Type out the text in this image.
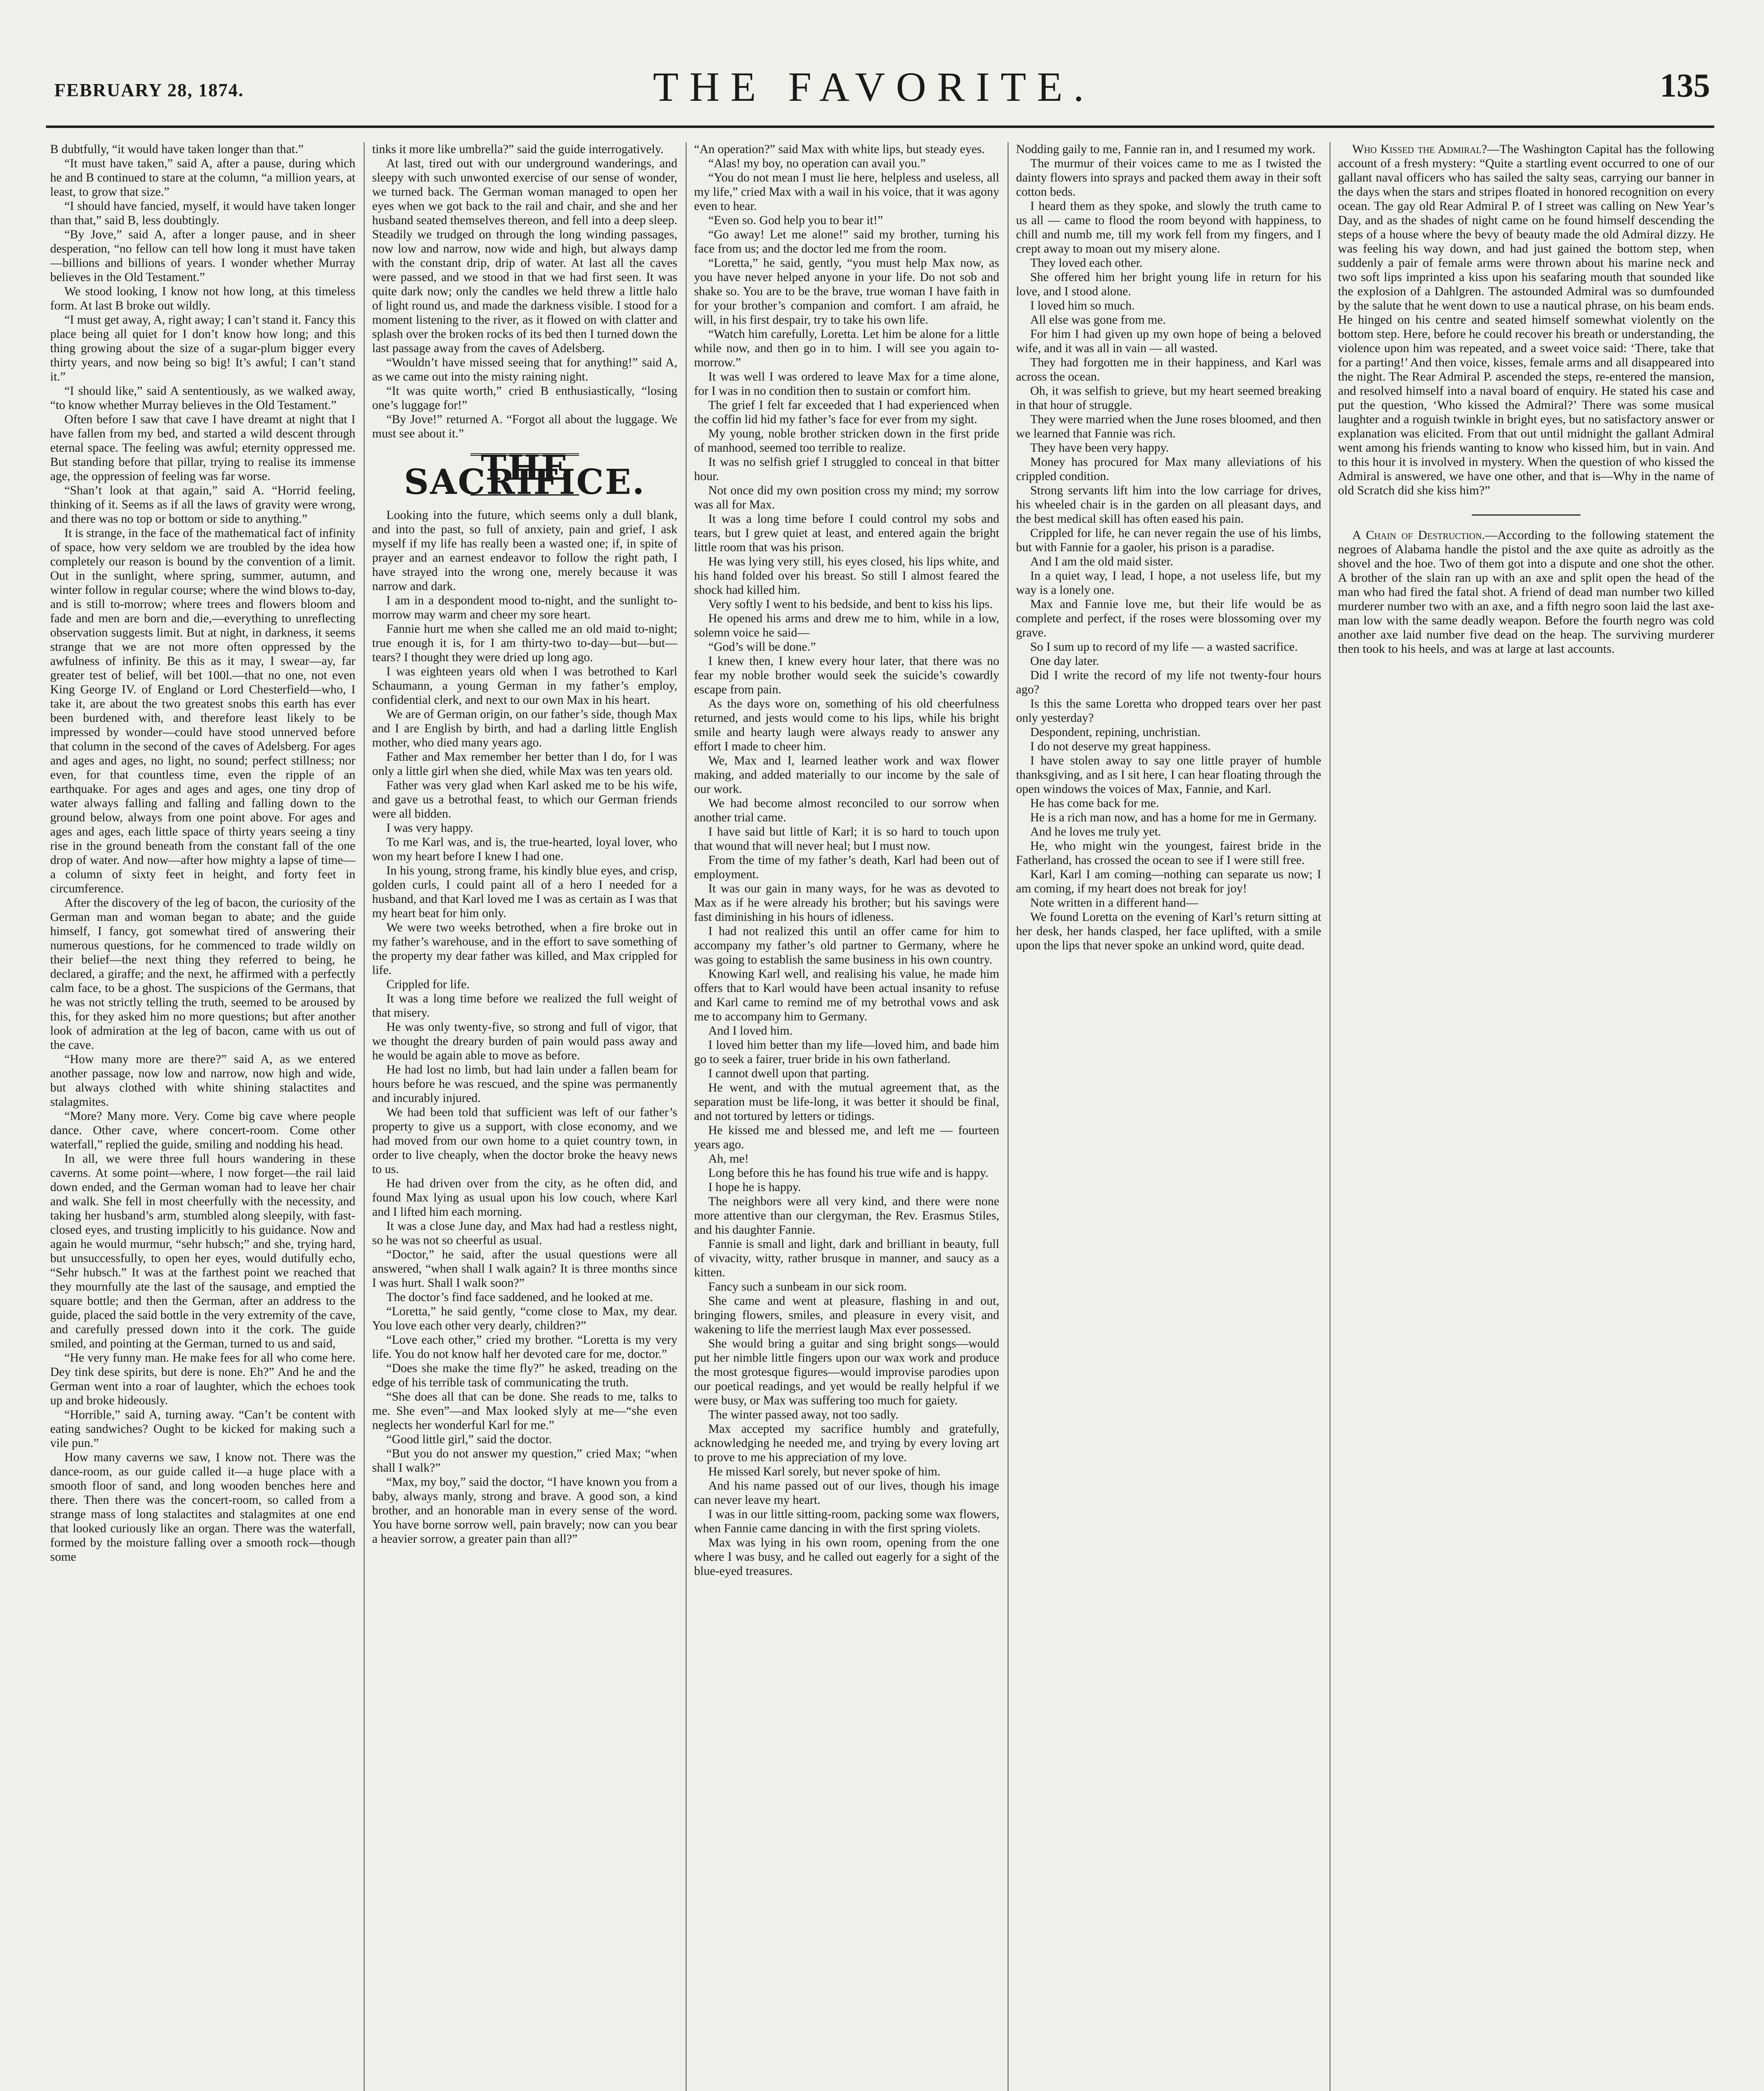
FEBRUARY 28, 1874.	THE FAVORITE.	135

B dubtfully, “it would have taken longer than that.”

“It must have taken,” said A, after a pause, during which he and B continued to stare at the column, “a million years, at least, to grow that size.”

“I should have fancied, myself, it would have taken longer than that,” said B, less doubtingly.

“By Jove,” said A, after a longer pause, and in sheer desperation, “no fellow can tell how long it must have taken—billions and billions of years. I wonder whether Murray believes in the Old Testament.”

We stood looking, I know not how long, at this timeless form. At last B broke out wildly.

“I must get away, A, right away; I can’t stand it. Fancy this place being all quiet for I don’t know how long; and this thing growing about the size of a sugar-plum bigger every thirty years, and now being so big! It’s awful; I can’t stand it.”

“I should like,” said A sententiously, as we walked away, “to know whether Murray believes in the Old Testament.”

Often before I saw that cave I have dreamt at night that I have fallen from my bed, and started a wild descent through eternal space. The feeling was awful; eternity oppressed me. But standing before that pillar, trying to realise its immense age, the oppression of feeling was far worse.

“Shan’t look at that again,” said A. “Horrid feeling, thinking of it. Seems as if all the laws of gravity were wrong, and there was no top or bottom or side to anything.”

It is strange, in the face of the mathematical fact of infinity of space, how very seldom we are troubled by the idea how completely our reason is bound by the convention of a limit. Out in the sunlight, where spring, summer, autumn, and winter follow in regular course; where the wind blows to-day, and is still to-morrow; where trees and flowers bloom and fade and men are born and die,—everything to unreflecting observation suggests limit. But at night, in darkness, it seems strange that we are not more often oppressed by the awfulness of infinity. Be this as it may, I swear—ay, far greater test of belief, will bet 100l.—that no one, not even King George IV. of England or Lord Chesterfield—who, I take it, are about the two greatest snobs this earth has ever been burdened with, and therefore least likely to be impressed by wonder—could have stood unnerved before that column in the second of the caves of Adelsberg. For ages and ages and ages, no light, no sound; perfect stillness; nor even, for that countless time, even the ripple of an earthquake. For ages and ages and ages, one tiny drop of water always falling and falling and falling down to the ground below, always from one point above. For ages and ages and ages, each little space of thirty years seeing a tiny rise in the ground beneath from the constant fall of the one drop of water. And now—after how mighty a lapse of time—a column of sixty feet in height, and forty feet in circumference.

After the discovery of the leg of bacon, the curiosity of the German man and woman began to abate; and the guide himself, I fancy, got somewhat tired of answering their numerous questions, for he commenced to trade wildly on their belief—the next thing they referred to being, he declared, a giraffe; and the next, he affirmed with a perfectly calm face, to be a ghost. The suspicions of the Germans, that he was not strictly telling the truth, seemed to be aroused by this, for they asked him no more questions; but after another look of admiration at the leg of bacon, came with us out of the cave.

“How many more are there?” said A, as we entered another passage, now low and narrow, now high and wide, but always clothed with white shining stalactites and stalagmites.

“More? Many more. Very. Come big cave where people dance. Other cave, where concert-room. Come other waterfall,” replied the guide, smiling and nodding his head.

In all, we were three full hours wandering in these caverns. At some point—where, I now forget—the rail laid down ended, and the German woman had to leave her chair and walk. She fell in most cheerfully with the necessity, and taking her husband’s arm, stumbled along sleepily, with fast-closed eyes, and trusting implicitly to his guidance. Now and again he would murmur, “sehr hubsch;” and she, trying hard, but unsuccessfully, to open her eyes, would dutifully echo, “Sehr hubsch.” It was at the farthest point we reached that they mournfully ate the last of the sausage, and emptied the square bottle; and then the German, after an address to the guide, placed the said bottle in the very extremity of the cave, and carefully pressed down into it the cork. The guide smiled, and pointing at the German, turned to us and said,

“He very funny man. He make fees for all who come here. Dey tink dese spirits, but dere is none. Eh?” And he and the German went into a roar of laughter, which the echoes took up and broke hideously.

“Horrible,” said A, turning away. “Can’t be content with eating sandwiches? Ought to be kicked for making such a vile pun.”

How many caverns we saw, I know not. There was the dance-room, as our guide called it—a huge place with a smooth floor of sand, and long wooden benches here and there. Then there was the concert-room, so called from a strange mass of long stalactites and stalagmites at one end that looked curiously like an organ. There was the waterfall, formed by the moisture falling over a smooth rock—though some

tinks it more like umbrella?” said the guide interrogatively.

At last, tired out with our underground wanderings, and sleepy with such unwonted exercise of our sense of wonder, we turned back. The German woman managed to open her eyes when we got back to the rail and chair, and she and her husband seated themselves thereon, and fell into a deep sleep. Steadily we trudged on through the long winding passages, now low and narrow, now wide and high, but always damp with the constant drip, drip of water. At last all the caves were passed, and we stood in that we had first seen. It was quite dark now; only the candles we held threw a little halo of light round us, and made the darkness visible. I stood for a moment listening to the river, as it flowed on with clatter and splash over the broken rocks of its bed then I turned down the last passage away from the caves of Adelsberg.

“Wouldn’t have missed seeing that for anything!” said A, as we came out into the misty raining night.

“It was quite worth,” cried B enthusiastically, “losing one’s luggage for!”

“By Jove!” returned A. “Forgot all about the luggage. We must see about it.”

THE SACRIFICE.

Looking into the future, which seems only a dull blank, and into the past, so full of anxiety, pain and grief, I ask myself if my life has really been a wasted one; if, in spite of prayer and an earnest endeavor to follow the right path, I have strayed into the wrong one, merely because it was narrow and dark.

I am in a despondent mood to-night, and the sunlight to-morrow may warm and cheer my sore heart.

Fannie hurt me when she called me an old maid to-night; true enough it is, for I am thirty-two to-day—but—but—tears? I thought they were dried up long ago.

I was eighteen years old when I was betrothed to Karl Schaumann, a young German in my father’s employ, confidential clerk, and next to our own Max in his heart.

We are of German origin, on our father’s side, though Max and I are English by birth, and had a darling little English mother, who died many years ago.

Father and Max remember her better than I do, for I was only a little girl when she died, while Max was ten years old.

Father was very glad when Karl asked me to be his wife, and gave us a betrothal feast, to which our German friends were all bidden.

I was very happy.

To me Karl was, and is, the true-hearted, loyal lover, who won my heart before I knew I had one.

In his young, strong frame, his kindly blue eyes, and crisp, golden curls, I could paint all of a hero I needed for a husband, and that Karl loved me I was as certain as I was that my heart beat for him only.

We were two weeks betrothed, when a fire broke out in my father’s warehouse, and in the effort to save something of the property my dear father was killed, and Max crippled for life.

Crippled for life.

It was a long time before we realized the full weight of that misery.

He was only twenty-five, so strong and full of vigor, that we thought the dreary burden of pain would pass away and he would be again able to move as before.

He had lost no limb, but had lain under a fallen beam for hours before he was rescued, and the spine was permanently and incurably injured.

We had been told that sufficient was left of our father’s property to give us a support, with close economy, and we had moved from our own home to a quiet country town, in order to live cheaply, when the doctor broke the heavy news to us.

He had driven over from the city, as he often did, and found Max lying as usual upon his low couch, where Karl and I lifted him each morning.

It was a close June day, and Max had had a restless night, so he was not so cheerful as usual.

“Doctor,” he said, after the usual questions were all answered, “when shall I walk again? It is three months since I was hurt. Shall I walk soon?”

The doctor’s find face saddened, and he looked at me.

“Loretta,” he said gently, “come close to Max, my dear. You love each other very dearly, children?”

“Love each other,” cried my brother. “Loretta is my very life. You do not know half her devoted care for me, doctor.”

“Does she make the time fly?” he asked, treading on the edge of his terrible task of communicating the truth.

“She does all that can be done. She reads to me, talks to me. She even”—and Max looked slyly at me—“she even neglects her wonderful Karl for me.”

“Good little girl,” said the doctor.

“But you do not answer my question,” cried Max; “when shall I walk?”

“Max, my boy,” said the doctor, “I have known you from a baby, always manly, strong and brave. A good son, a kind brother, and an honorable man in every sense of the word. You have borne sorrow well, pain bravely; now can you bear a heavier sorrow, a greater pain than all?”

“An operation?” said Max with white lips, but steady eyes.

“Alas! my boy, no operation can avail you.”

“You do not mean I must lie here, helpless and useless, all my life,” cried Max with a wail in his voice, that it was agony even to hear.

“Even so. God help you to bear it!”

“Go away! Let me alone!” said my brother, turning his face from us; and the doctor led me from the room.

“Loretta,” he said, gently, “you must help Max now, as you have never helped anyone in your life. Do not sob and shake so. You are to be the brave, true woman I have faith in for your brother’s companion and comfort. I am afraid, he will, in his first despair, try to take his own life.

“Watch him carefully, Loretta. Let him be alone for a little while now, and then go in to him. I will see you again to-morrow.”

It was well I was ordered to leave Max for a time alone, for I was in no condition then to sustain or comfort him.

The grief I felt far exceeded that I had experienced when the coffin lid hid my father’s face for ever from my sight.

My young, noble brother stricken down in the first pride of manhood, seemed too terrible to realize.

It was no selfish grief I struggled to conceal in that bitter hour.

Not once did my own position cross my mind; my sorrow was all for Max.

It was a long time before I could control my sobs and tears, but I grew quiet at least, and entered again the bright little room that was his prison.

He was lying very still, his eyes closed, his lips white, and his hand folded over his breast. So still I almost feared the shock had killed him.

Very softly I went to his bedside, and bent to kiss his lips.

He opened his arms and drew me to him, while in a low, solemn voice he said—

“God’s will be done.”

I knew then, I knew every hour later, that there was no fear my noble brother would seek the suicide’s cowardly escape from pain.

As the days wore on, something of his old cheerfulness returned, and jests would come to his lips, while his bright smile and hearty laugh were always ready to answer any effort I made to cheer him.

We, Max and I, learned leather work and wax flower making, and added materially to our income by the sale of our work.

We had become almost reconciled to our sorrow when another trial came.

I have said but little of Karl; it is so hard to touch upon that wound that will never heal; but I must now.

From the time of my father’s death, Karl had been out of employment.

It was our gain in many ways, for he was as devoted to Max as if he were already his brother; but his savings were fast diminishing in his hours of idleness.

I had not realized this until an offer came for him to accompany my father’s old partner to Germany, where he was going to establish the same business in his own country.

Knowing Karl well, and realising his value, he made him offers that to Karl would have been actual insanity to refuse and Karl came to remind me of my betrothal vows and ask me to accompany him to Germany.

And I loved him.

I loved him better than my life—loved him, and bade him go to seek a fairer, truer bride in his own fatherland.

I cannot dwell upon that parting.

He went, and with the mutual agreement that, as the separation must be life-long, it was better it should be final, and not tortured by letters or tidings.

He kissed me and blessed me, and left me — fourteen years ago.

Ah, me!

Long before this he has found his true wife and is happy.

I hope he is happy.

The neighbors were all very kind, and there were none more attentive than our clergyman, the Rev. Erasmus Stiles, and his daughter Fannie.

Fannie is small and light, dark and brilliant in beauty, full of vivacity, witty, rather brusque in manner, and saucy as a kitten.

Fancy such a sunbeam in our sick room.

She came and went at pleasure, flashing in and out, bringing flowers, smiles, and pleasure in every visit, and wakening to life the merriest laugh Max ever possessed.

She would bring a guitar and sing bright songs—would put her nimble little fingers upon our wax work and produce the most grotesque figures—would improvise parodies upon our poetical readings, and yet would be really helpful if we were busy, or Max was suffering too much for gaiety.

The winter passed away, not too sadly.

Max accepted my sacrifice humbly and gratefully, acknowledging he needed me, and trying by every loving art to prove to me his appreciation of my love.

He missed Karl sorely, but never spoke of him.

And his name passed out of our lives, though his image can never leave my heart.

I was in our little sitting-room, packing some wax flowers, when Fannie came dancing in with the first spring violets.

Max was lying in his own room, opening from the one where I was busy, and he called out eagerly for a sight of the blue-eyed treasures.

Nodding gaily to me, Fannie ran in, and I resumed my work.

The murmur of their voices came to me as I twisted the dainty flowers into sprays and packed them away in their soft cotton beds.

I heard them as they spoke, and slowly the truth came to us all — came to flood the room beyond with happiness, to chill and numb me, till my work fell from my fingers, and I crept away to moan out my misery alone.

They loved each other.

She offered him her bright young life in return for his love, and I stood alone.

I loved him so much.

All else was gone from me.

For him I had given up my own hope of being a beloved wife, and it was all in vain — all wasted.

They had forgotten me in their happiness, and Karl was across the ocean.

Oh, it was selfish to grieve, but my heart seemed breaking in that hour of struggle.

They were married when the June roses bloomed, and then we learned that Fannie was rich.

They have been very happy.

Money has procured for Max many alleviations of his crippled condition.

Strong servants lift him into the low carriage for drives, his wheeled chair is in the garden on all pleasant days, and the best medical skill has often eased his pain.

Crippled for life, he can never regain the use of his limbs, but with Fannie for a gaoler, his prison is a paradise.

And I am the old maid sister.

In a quiet way, I lead, I hope, a not useless life, but my way is a lonely one.

Max and Fannie love me, but their life would be as complete and perfect, if the roses were blossoming over my grave.

So I sum up to record of my life — a wasted sacrifice.

One day later.

Did I write the record of my life not twenty-four hours ago?

Is this the same Loretta who dropped tears over her past only yesterday?

Despondent, repining, unchristian.

I do not deserve my great happiness.

I have stolen away to say one little prayer of humble thanksgiving, and as I sit here, I can hear floating through the open windows the voices of Max, Fannie, and Karl.

He has come back for me.

He is a rich man now, and has a home for me in Germany.

And he loves me truly yet.

He, who might win the youngest, fairest bride in the Fatherland, has crossed the ocean to see if I were still free.

Karl, Karl I am coming—nothing can separate us now; I am coming, if my heart does not break for joy!

Note written in a different hand—

We found Loretta on the evening of Karl’s return sitting at her desk, her hands clasped, her face uplifted, with a smile upon the lips that never spoke an unkind word, quite dead.

Who Kissed the Admiral?—The Washington Capital has the following account of a fresh mystery: “Quite a startling event occurred to one of our gallant naval officers who has sailed the salty seas, carrying our banner in the days when the stars and stripes floated in honored recognition on every ocean. The gay old Rear Admiral P. of I street was calling on New Year’s Day, and as the shades of night came on he found himself descending the steps of a house where the bevy of beauty made the old Admiral dizzy. He was feeling his way down, and had just gained the bottom step, when suddenly a pair of female arms were thrown about his marine neck and two soft lips imprinted a kiss upon his seafaring mouth that sounded like the explosion of a Dahlgren. The astounded Admiral was so dumfounded by the salute that he went down to use a nautical phrase, on his beam ends. He hinged on his centre and seated himself somewhat violently on the bottom step. Here, before he could recover his breath or understanding, the violence upon him was repeated, and a sweet voice said: ‘There, take that for a parting!’ And then voice, kisses, female arms and all disappeared into the night. The Rear Admiral P. ascended the steps, re-entered the mansion, and resolved himself into a naval board of enquiry. He stated his case and put the question, ‘Who kissed the Admiral?’ There was some musical laughter and a roguish twinkle in bright eyes, but no satisfactory answer or explanation was elicited. From that out until midnight the gallant Admiral went among his friends wanting to know who kissed him, but in vain. And to this hour it is involved in mystery. When the question of who kissed the Admiral is answered, we have one other, and that is—Why in the name of old Scratch did she kiss him?”

A Chain of Destruction.—According to the following statement the negroes of Alabama handle the pistol and the axe quite as adroitly as the shovel and the hoe. Two of them got into a dispute and one shot the other. A brother of the slain ran up with an axe and split open the head of the man who had fired the fatal shot. A friend of dead man number two killed murderer number two with an axe, and a fifth negro soon laid the last axe-man low with the same deadly weapon. Before the fourth negro was cold another axe laid number five dead on the heap. The surviving murderer then took to his heels, and was at large at last accounts.
